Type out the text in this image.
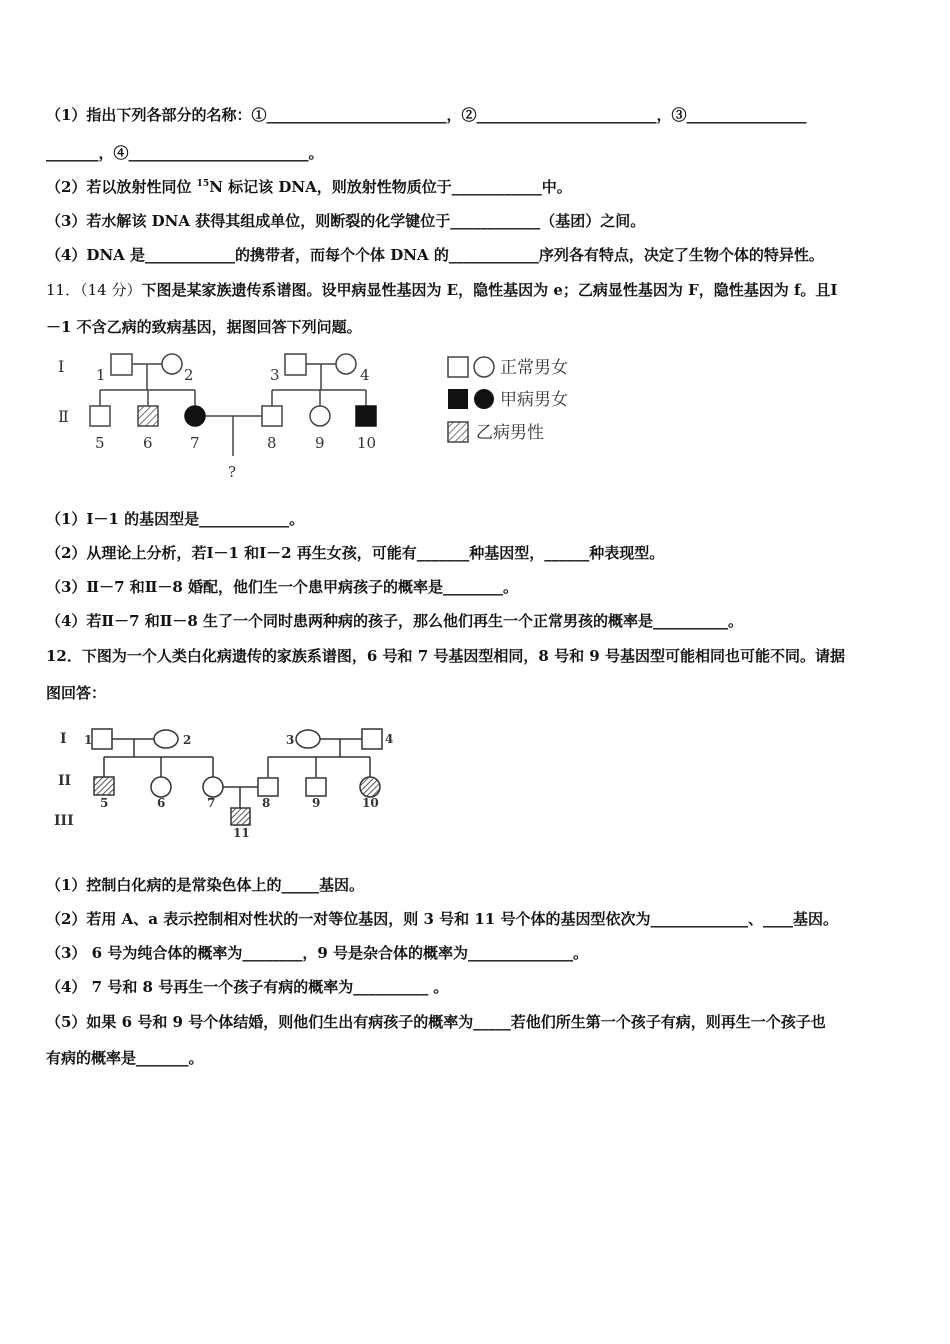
（1）指出下列各部分的名称：①________________________，②________________________，③________________
_______，④________________________。
（2）若以放射性同位 $^{15}$N 标记该 DNA，则放射性物质位于____________中。
（3）若水解该 DNA 获得其组成单位，则断裂的化学键位于____________（基团）之间。
（4）DNA 是____________的携带者，而每个个体 DNA 的____________序列各有特点，决定了生物个体的特异性。
11．（14 分）下图是某家族遗传系谱图。设甲病显性基因为 E，隐性基因为 e；乙病显性基因为 F，隐性基因为 f。且Ⅰ
－1 不含乙病的致病基因，据图回答下列问题。
Ⅰ
Ⅱ
1	2	3	4
5	6 7	8	9 10
?
正常男女
甲病男女
乙病男性
（1）Ⅰ－1 的基因型是____________。
（2）从理论上分析，若Ⅰ－1 和Ⅰ－2 再生女孩，可能有_______种基因型，______种表现型。
（3）Ⅱ－7 和Ⅱ－8 婚配，他们生一个患甲病孩子的概率是________。
（4）若Ⅱ－7 和Ⅱ－8 生了一个同时患两种病的孩子，那么他们再生一个正常男孩的概率是__________。
12．下图为一个人类白化病遗传的家族系谱图，6 号和 7 号基因型相同，8 号和 9 号基因型可能相同也可能不同。请据
图回答：
I
II
III
1	2	3	4
5	6	7	8	9	10
11
（1）控制白化病的是常染色体上的_____基因。
（2）若用 A、a 表示控制相对性状的一对等位基因，则 3 号和 11 号个体的基因型依次为_____________、____基因。
（3） 6 号为纯合体的概率为________，9 号是杂合体的概率为______________。
（4） 7 号和 8 号再生一个孩子有病的概率为__________ 。
（5）如果 6 号和 9 号个体结婚，则他们生出有病孩子的概率为_____若他们所生第一个孩子有病，则再生一个孩子也
有病的概率是_______。
